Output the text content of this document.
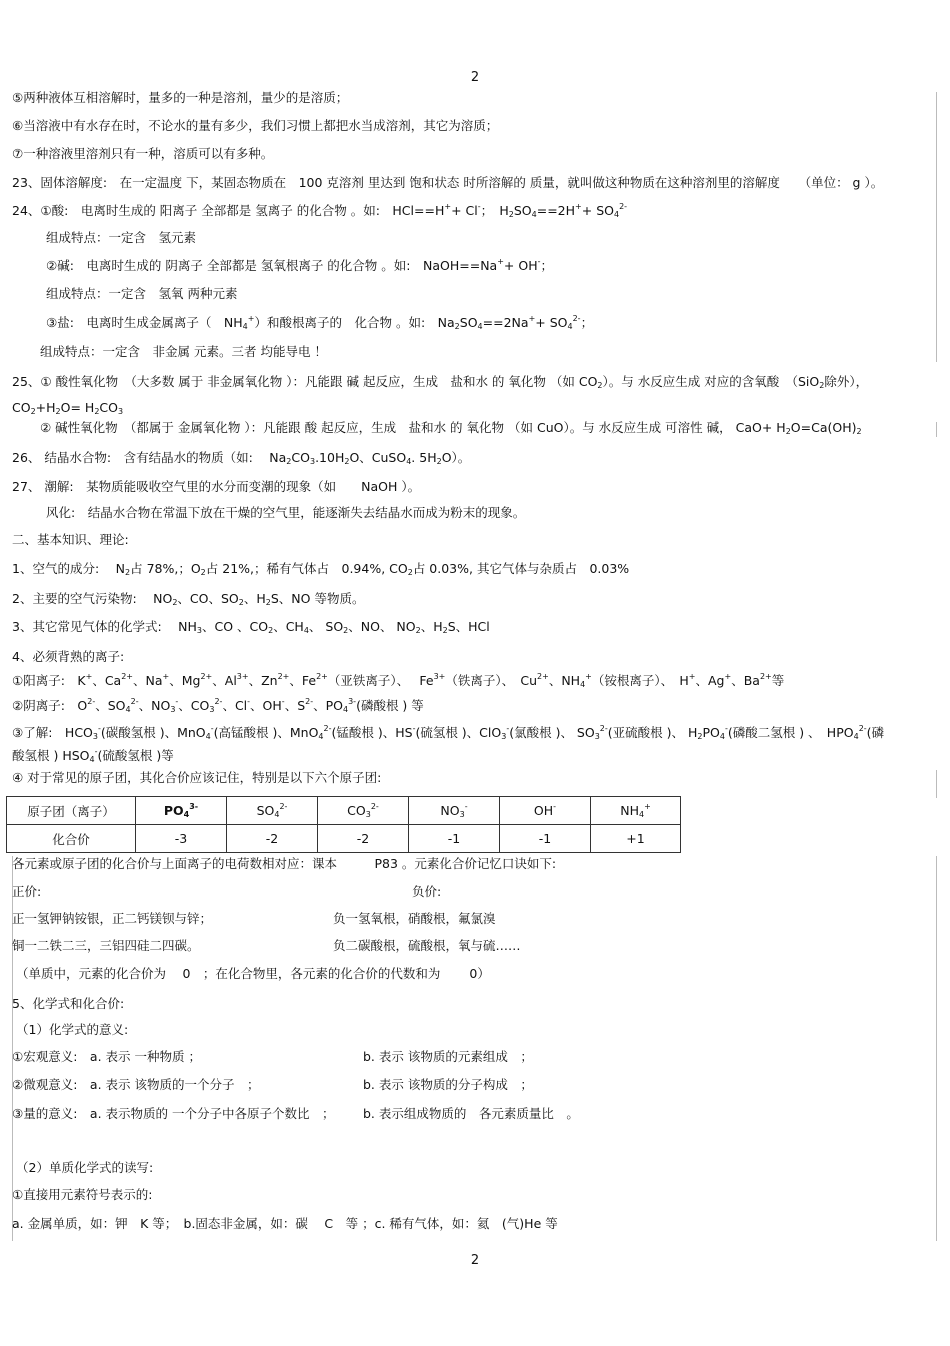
2
⑤两种液体互相溶解时，量多的一种是溶剂，量少的是溶质；
⑥当溶液中有水存在时，不论水的量有多少，我们习惯上都把水当成溶剂，其它为溶质；
⑦一种溶液里溶剂只有一种，溶质可以有多种。
23、固体溶解度:　在一定温度 下，某固态物质在　100 克溶剂 里达到 饱和状态 时所溶解的 质量，就叫做这种物质在这种溶剂里的溶解度　　（单位： g ）。
24、①酸:　电离时生成的 阳离子 全部都是 氢离子 的化合物 。如:　HCl==H++ Cl-；　$H_2SO_4==2H^++ SO_4^{2-}$
组成特点：一定含　氢元素
②碱:　电离时生成的 阴离子 全部都是 氢氧根离子 的化合物 。如:　NaOH==Na++ OH-；
组成特点：一定含　氢氧 两种元素
③盐:　电离时生成金属离子（　$NH_4^+$）和酸根离子的　化合物 。如:　$Na_2SO_4==2Na^++ SO_4^{2-}$；
组成特点：一定含　非金属 元素。三者 均能导电 ！
25、① 酸性氧化物　（大多数 属于 非金属氧化物 ）：凡能跟 碱 起反应，生成　盐和水 的 氧化物 （如 $CO_2$）。与 水反应生成 对应的含氧酸　（SiO$_2$除外），
$CO_2+H_2O= H_2CO_3$
② 碱性氧化物　（都属于 金属氧化物 ）：凡能跟 酸 起反应，生成　盐和水 的 氧化物 （如 CuO）。与 水反应生成 可溶性 碱， $CaO+ H_2O=Ca(OH)_2$
26、 结晶水合物:　含有结晶水的物质（如:　 $Na_2CO_3.10H_2O$、CuSO$_4$. $5H_2O$）。
27、 潮解:　某物质能吸收空气里的水分而变潮的现象（如　　NaOH ）。
风化:　结晶水合物在常温下放在干燥的空气里，能逐渐失去结晶水而成为粉末的现象。
二、基本知识、理论:
1、空气的成分:　 $N_2$占 78%,；$O_2$占 21%,；稀有气体占　0.94%, $CO_2$占 0.03%, 其它气体与杂质占　0.03%
2、主要的空气污染物:　 $NO_2$、CO、$SO_2$、$H_2S$、NO 等物质。
3、其它常见气体的化学式:　 $NH_3$、CO 、$CO_2$、$CH_4$、 $SO_2$、NO、 $NO_2$、$H_2S$、HCl
4、必须背熟的离子:
①阳离子:　K+、$Ca^{2+}$、Na+、$Mg^{2+}$、$Al^{3+}$、$Zn^{2+}$、$Fe^{2+}$（亚铁离子）、　 $Fe^{3+}$（铁离子）、　$Cu^{2+}$、$NH_4^+$（铵根离子）、　H+、Ag+、$Ba^{2+}$等
②阴离子:　$O^{2-}$、$SO_4^{2-}$、$NO_3^-$、$CO_3^{2-}$、Cl-、OH-、$S^{2-}$、$PO_4^{3-}$(磷酸根 ) 等
③了解:　$HCO_3^-$(碳酸氢根 )、MnO$_4$-(高锰酸根 )、MnO$_4^{2-}$(锰酸根 )、HS-(硫氢根 )、ClO$_3$-(氯酸根 )、 $SO_3^{2-}$(亚硫酸根 )、 $H_2PO_4^-$(磷酸二氢根 ) 、　$HPO_4^{2-}$(磷
酸氢根 ) $HSO_4^-$(硫酸氢根 )等
④ 对于常见的原子团，其化合价应该记住，特别是以下六个原子团:
原子团（离子）	$PO_4^{3-}$	$SO_4^{2-}$	$CO_3^{2-}$	$NO_3^-$	OH-	$NH_4^+$
化合价	-3	-2	-2	-1	-1	+1
各元素或原子团的化合价与上面离子的电荷数相对应：课本　　　P83 。元素化合价记忆口诀如下:
正价:	负价:
正一氢钾钠铵银，正二钙镁钡与锌；	负一氢氧根，硝酸根，氟氯溴
铜一二铁二三，三铝四硅二四碳。	负二碳酸根，硫酸根，氧与硫……
（单质中，元素的化合价为　 0　；在化合物里，各元素的化合价的代数和为　　 0）
5、化学式和化合价:
（1）化学式的意义:
①宏观意义:　a. 表示 一种物质 ；	b. 表示 该物质的元素组成　；
②微观意义:　a. 表示 该物质的一个分子　；	b. 表示 该物质的分子构成　；
③量的意义:　a. 表示物质的 一个分子中各原子个数比　； b. 表示组成物质的　各元素质量比　。
（2）单质化学式的读写:
①直接用元素符号表示的:
a. 金属单质，如：钾　K 等；　b.固态非金属，如：碳　 C　等 ；c. 稀有气体，如：氦　(气)He 等
2
